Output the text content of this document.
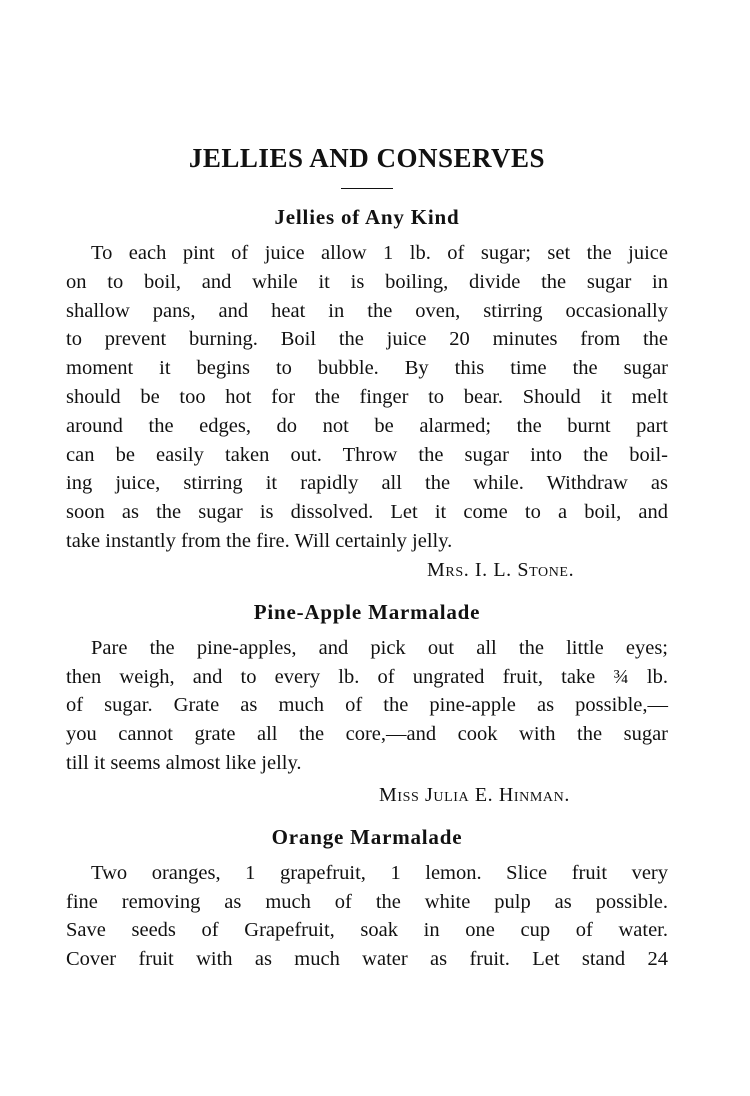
JELLIES AND CONSERVES
Jellies of Any Kind
To each pint of juice allow 1 lb. of sugar; set the juice
on to boil, and while it is boiling, divide the sugar in
shallow pans, and heat in the oven, stirring occasionally
to prevent burning. Boil the juice 20 minutes from the
moment it begins to bubble. By this time the sugar
should be too hot for the finger to bear. Should it melt
around the edges, do not be alarmed; the burnt part
can be easily taken out. Throw the sugar into the boil-
ing juice, stirring it rapidly all the while. Withdraw as
soon as the sugar is dissolved. Let it come to a boil, and
take instantly from the fire. Will certainly jelly.

Mrs. I. L. Stone.

Pine-Apple Marmalade
Pare the pine-apples, and pick out all the little eyes;
then weigh, and to every lb. of ungrated fruit, take ¾ lb.
of sugar. Grate as much of the pine-apple as possible,—
you cannot grate all the core,—and cook with the sugar
till it seems almost like jelly.

Miss Julia E. Hinman.

Orange Marmalade
Two oranges, 1 grapefruit, 1 lemon. Slice fruit very
fine removing as much of the white pulp as possible.
Save seeds of Grapefruit, soak in one cup of water.
Cover fruit with as much water as fruit. Let stand 24
